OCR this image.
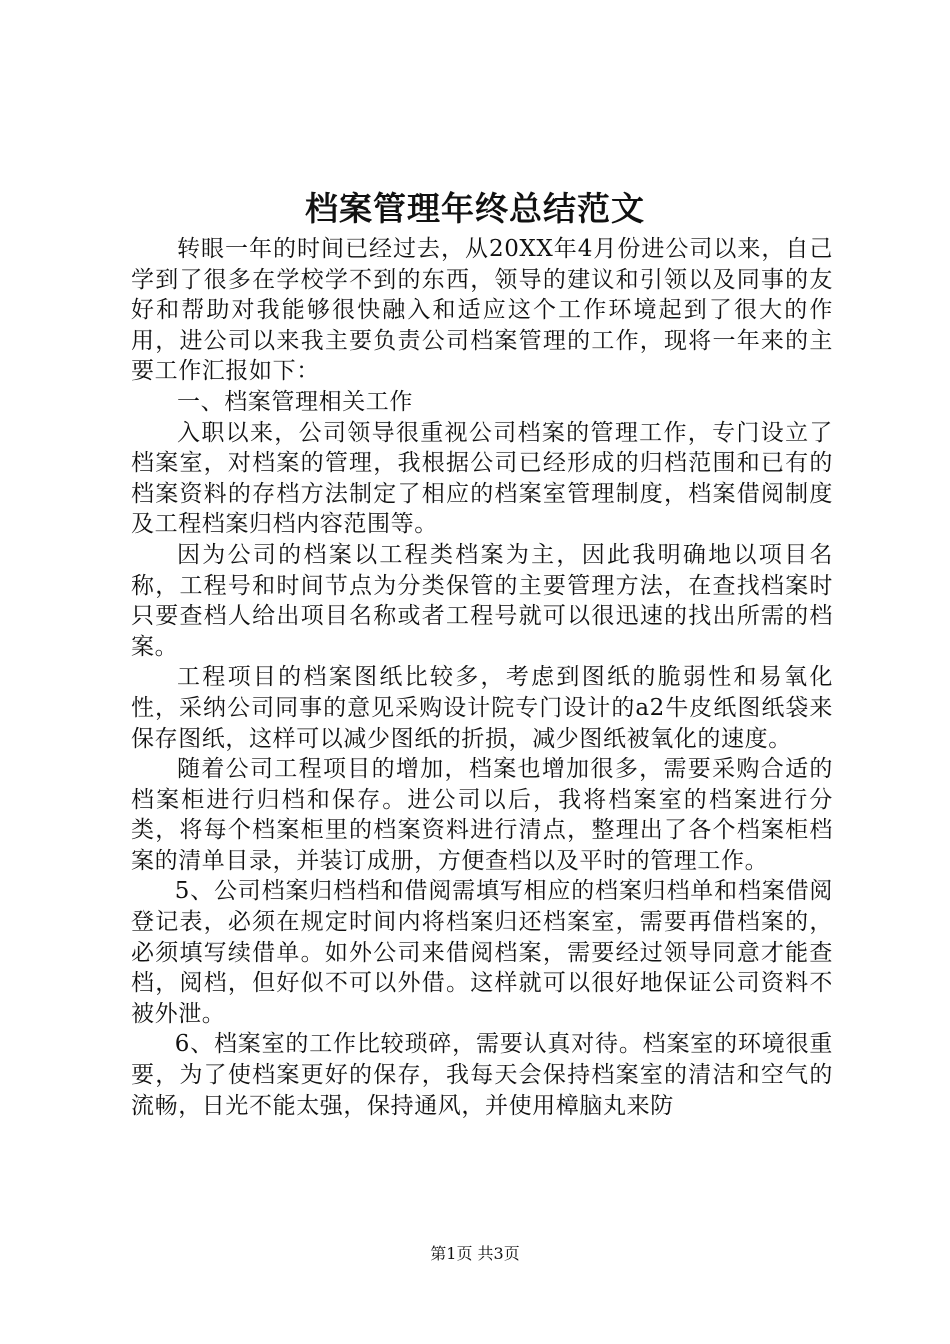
档案管理年终总结范文

转眼一年的时间已经过去，从20XX年4月份进公司以来，自己学到了很多在学校学不到的东西，领导的建议和引领以及同事的友好和帮助对我能够很快融入和适应这个工作环境起到了很大的作用，进公司以来我主要负责公司档案管理的工作，现将一年来的主要工作汇报如下：

一、档案管理相关工作

入职以来，公司领导很重视公司档案的管理工作，专门设立了档案室，对档案的管理，我根据公司已经形成的归档范围和已有的档案资料的存档方法制定了相应的档案室管理制度，档案借阅制度及工程档案归档内容范围等。

因为公司的档案以工程类档案为主，因此我明确地以项目名称，工程号和时间节点为分类保管的主要管理方法，在查找档案时只要查档人给出项目名称或者工程号就可以很迅速的找出所需的档案。

工程项目的档案图纸比较多，考虑到图纸的脆弱性和易氧化性，采纳公司同事的意见采购设计院专门设计的a2牛皮纸图纸袋来保存图纸，这样可以减少图纸的折损，减少图纸被氧化的速度。

随着公司工程项目的增加，档案也增加很多，需要采购合适的档案柜进行归档和保存。进公司以后，我将档案室的档案进行分类，将每个档案柜里的档案资料进行清点，整理出了各个档案柜档案的清单目录，并装订成册，方便查档以及平时的管理工作。

5、公司档案归档档和借阅需填写相应的档案归档单和档案借阅登记表，必须在规定时间内将档案归还档案室，需要再借档案的，必须填写续借单。如外公司来借阅档案，需要经过领导同意才能查档，阅档，但好似不可以外借。这样就可以很好地保证公司资料不被外泄。

6、档案室的工作比较琐碎，需要认真对待。档案室的环境很重要，为了使档案更好的保存，我每天会保持档案室的清洁和空气的流畅，日光不能太强，保持通风，并使用樟脑丸来防

第1页 共3页
